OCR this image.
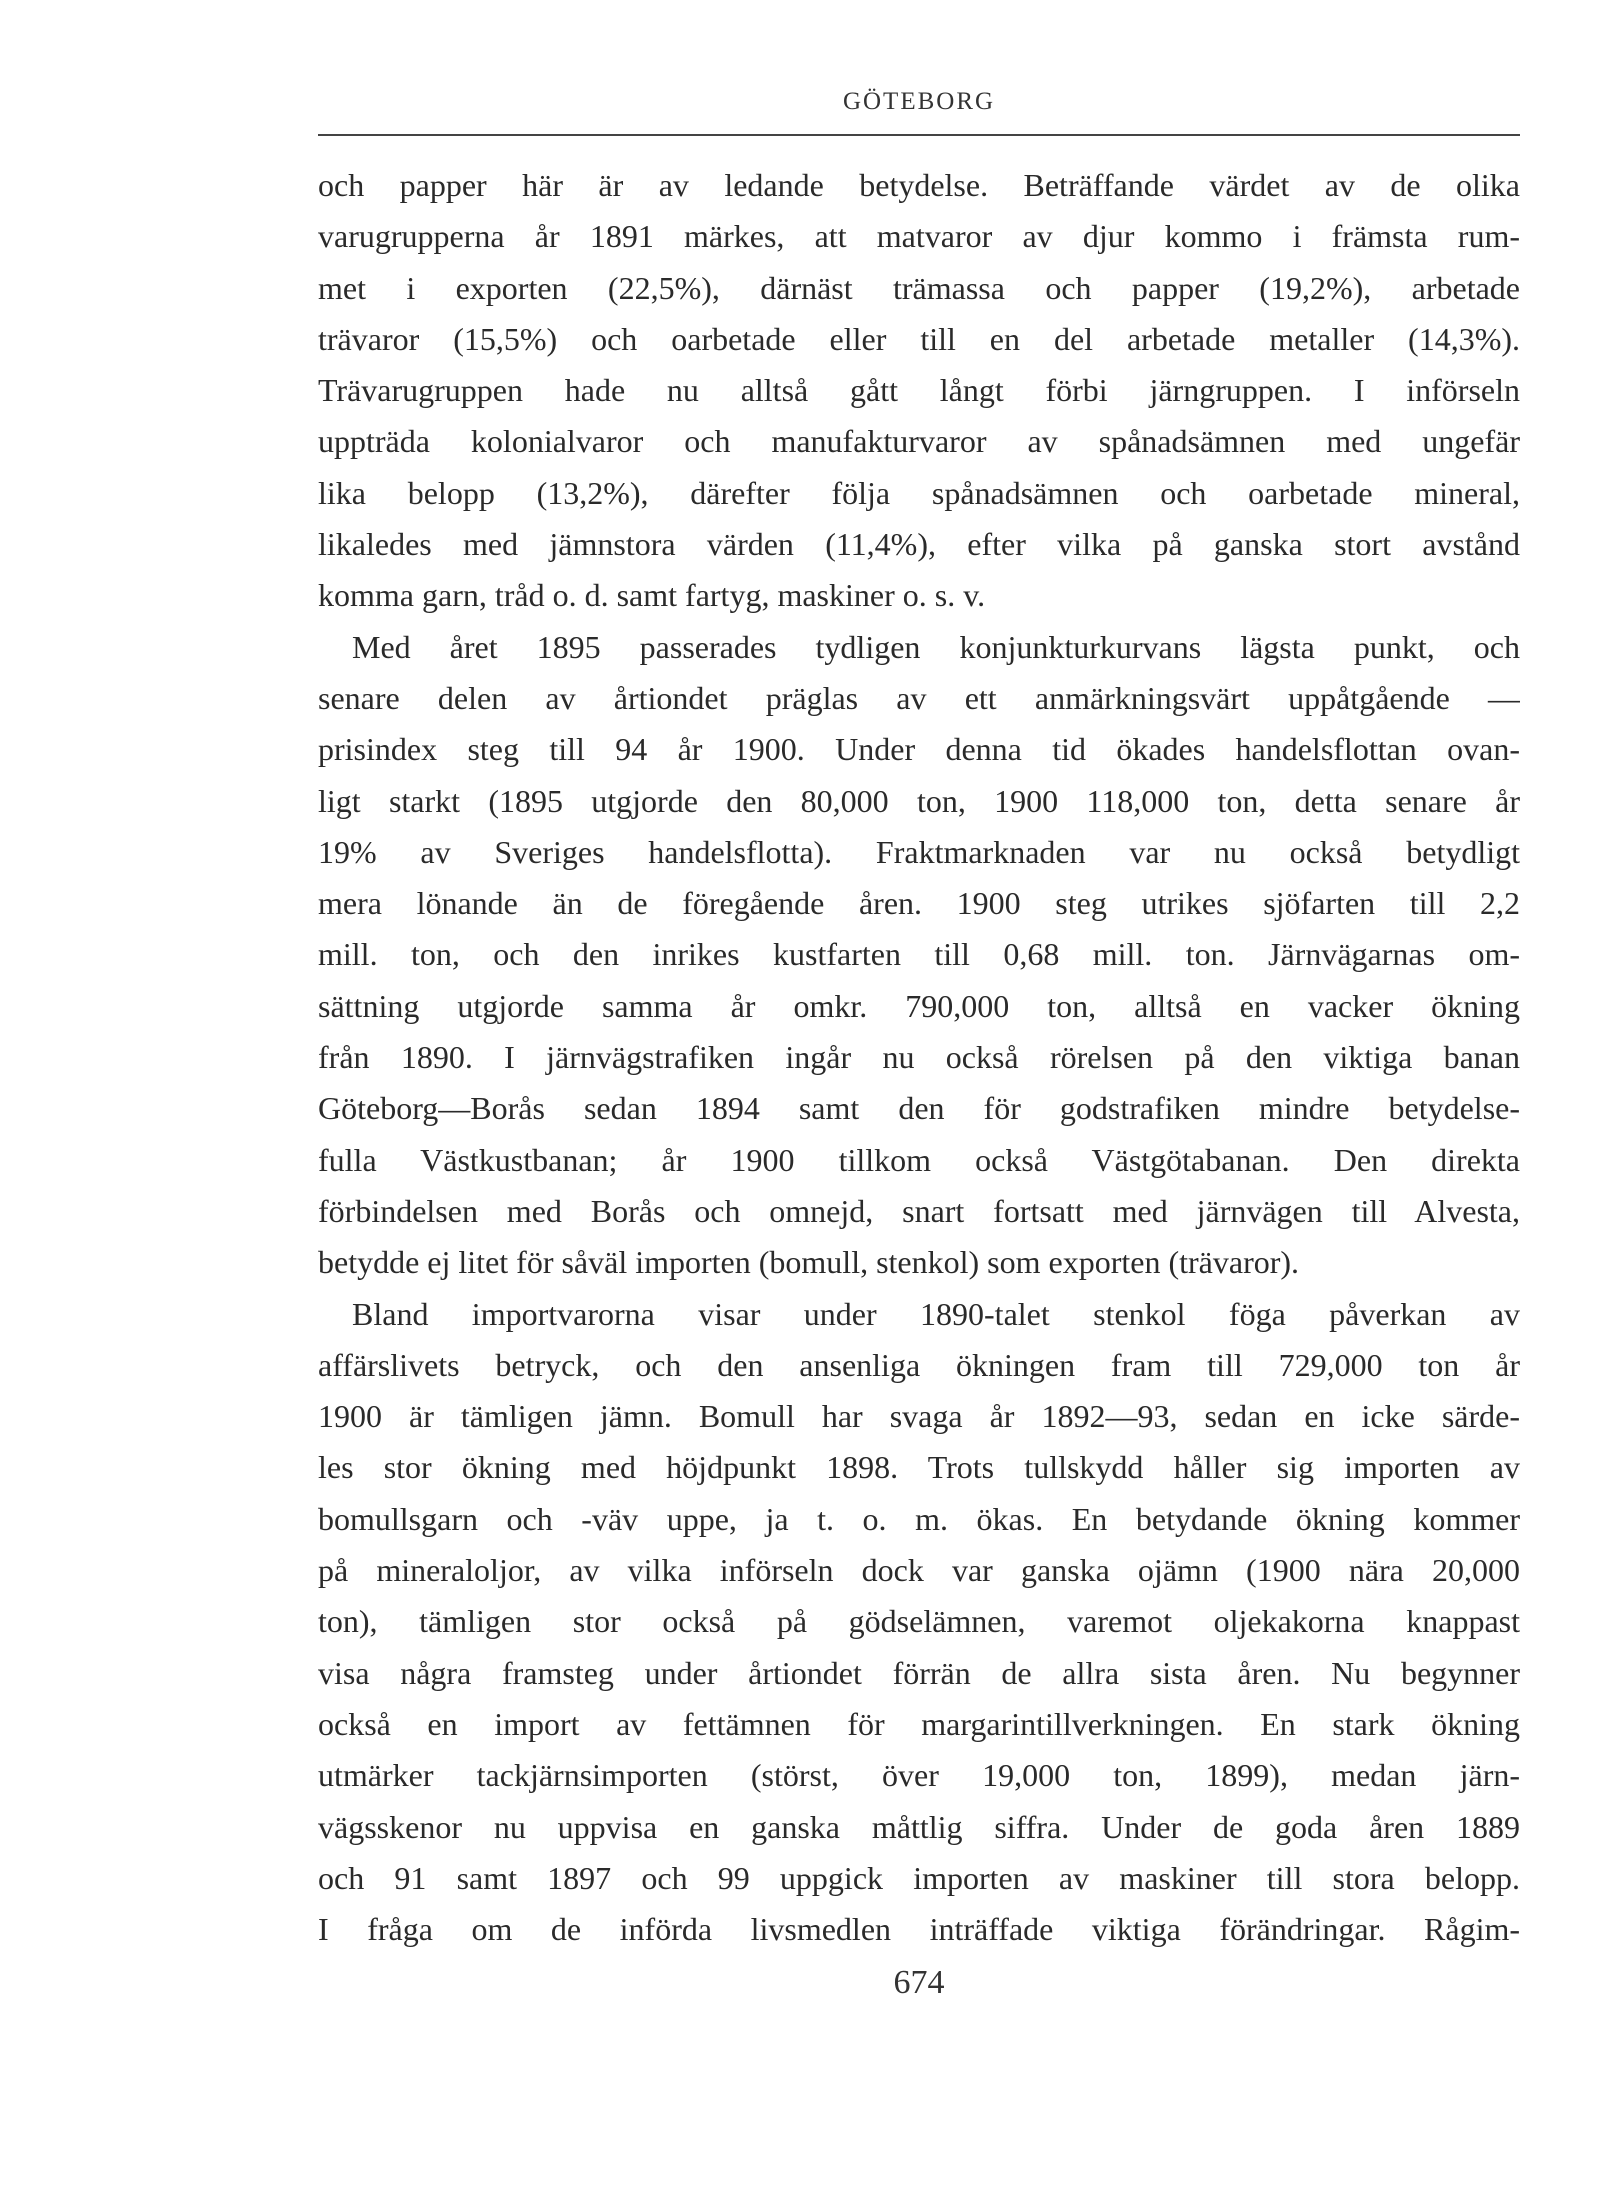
GÖTEBORG
och papper här är av ledande betydelse. Beträffande värdet av de olika
varugrupperna år 1891 märkes, att matvaror av djur kommo i främsta rum-
met i exporten (22,5%), därnäst trämassa och papper (19,2%), arbetade
trävaror (15,5%) och oarbetade eller till en del arbetade metaller (14,3%).
Trävarugruppen hade nu alltså gått långt förbi järngruppen. I införseln
uppträda kolonialvaror och manufakturvaror av spånadsämnen med ungefär
lika belopp (13,2%), därefter följa spånadsämnen och oarbetade mineral,
likaledes med jämnstora värden (11,4%), efter vilka på ganska stort avstånd
komma garn, tråd o. d. samt fartyg, maskiner o. s. v.
Med året 1895 passerades tydligen konjunkturkurvans lägsta punkt, och
senare delen av årtiondet präglas av ett anmärkningsvärt uppåtgående —
prisindex steg till 94 år 1900. Under denna tid ökades handelsflottan ovan-
ligt starkt (1895 utgjorde den 80,000 ton, 1900 118,000 ton, detta senare år
19% av Sveriges handelsflotta). Fraktmarknaden var nu också betydligt
mera lönande än de föregående åren. 1900 steg utrikes sjöfarten till 2,2
mill. ton, och den inrikes kustfarten till 0,68 mill. ton. Järnvägarnas om-
sättning utgjorde samma år omkr. 790,000 ton, alltså en vacker ökning
från 1890. I järnvägstrafiken ingår nu också rörelsen på den viktiga banan
Göteborg—Borås sedan 1894 samt den för godstrafiken mindre betydelse-
fulla Västkustbanan; år 1900 tillkom också Västgötabanan. Den direkta
förbindelsen med Borås och omnejd, snart fortsatt med järnvägen till Alvesta,
betydde ej litet för såväl importen (bomull, stenkol) som exporten (trävaror).
Bland importvarorna visar under 1890-talet stenkol föga påverkan av
affärslivets betryck, och den ansenliga ökningen fram till 729,000 ton år
1900 är tämligen jämn. Bomull har svaga år 1892—93, sedan en icke särde-
les stor ökning med höjdpunkt 1898. Trots tullskydd håller sig importen av
bomullsgarn och -väv uppe, ja t. o. m. ökas. En betydande ökning kommer
på mineraloljor, av vilka införseln dock var ganska ojämn (1900 nära 20,000
ton), tämligen stor också på gödselämnen, varemot oljekakorna knappast
visa några framsteg under årtiondet förrän de allra sista åren. Nu begynner
också en import av fettämnen för margarintillverkningen. En stark ökning
utmärker tackjärnsimporten (störst, över 19,000 ton, 1899), medan järn-
vägsskenor nu uppvisa en ganska måttlig siffra. Under de goda åren 1889
och 91 samt 1897 och 99 uppgick importen av maskiner till stora belopp.
I fråga om de införda livsmedlen inträffade viktiga förändringar. Rågim-
674
